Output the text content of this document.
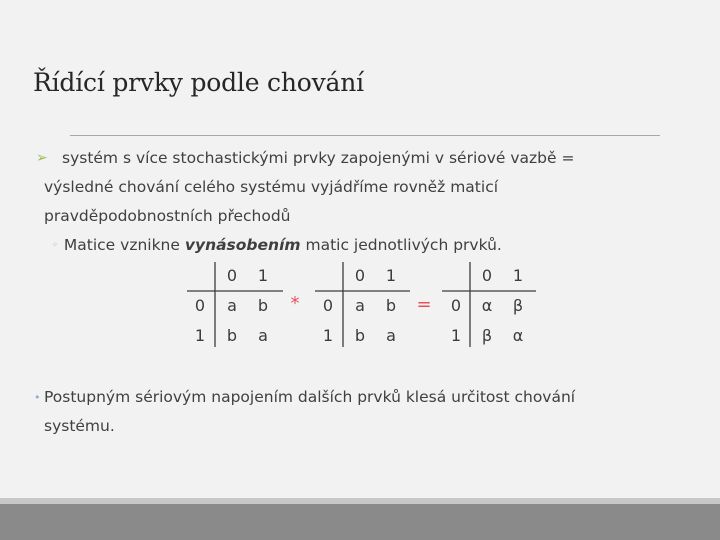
Řídící prvky podle chování
➢ systém s více stochastickými prvky zapojenými v sériové vazbě =
výsledné chování celého systému vyjádříme rovněž maticí
pravděpodobnostních přechodů
◦ Matice vznikne vynásobením matic jednotlivých prvků.
0 1
0
1
a b
b a
*
0 1
0
1
a b
b a
=
0 1
0
1
α β
β α
• Postupným sériovým napojením dalších prvků klesá určitost chování
systému.
